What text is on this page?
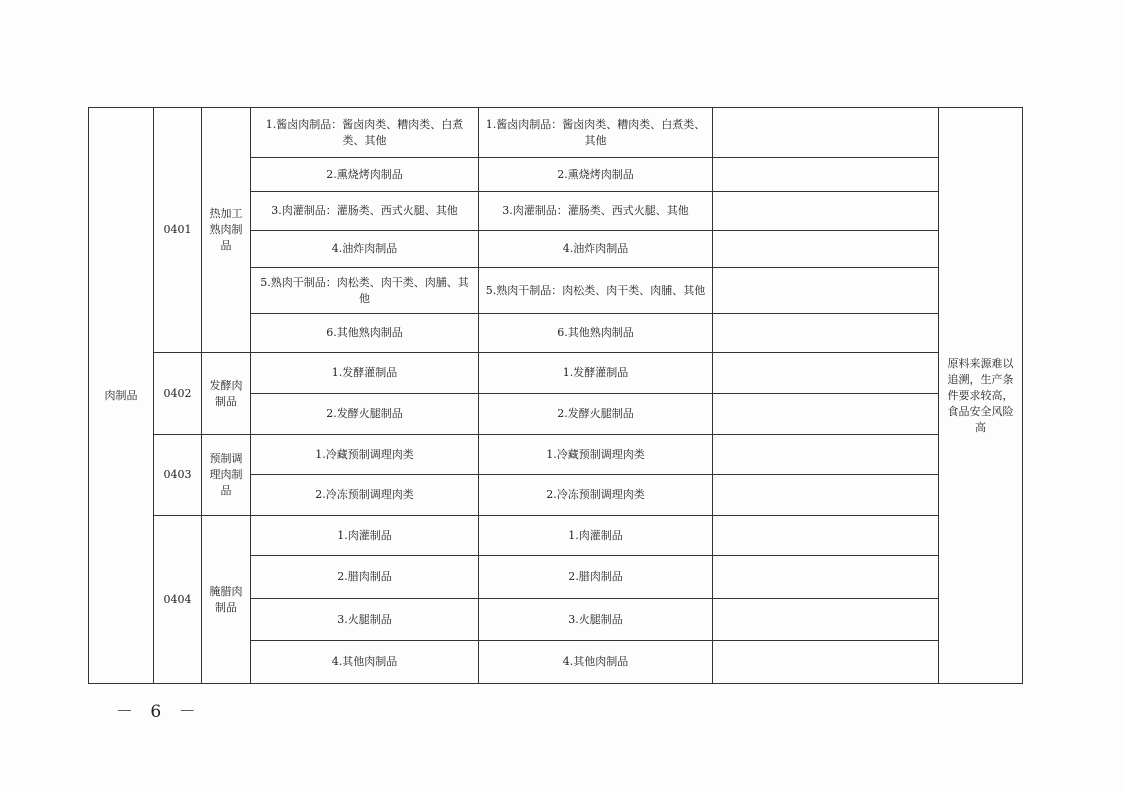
肉制品	0401	热加工熟肉制品	1.酱卤肉制品：酱卤肉类、糟肉类、白煮类、其他	1.酱卤肉制品：酱卤肉类、糟肉类、白煮类、其他		原料来源难以追溯，生产条件要求较高，食品安全风险高
			2.熏烧烤肉制品	2.熏烧烤肉制品		
			3.肉灌制品：灌肠类、西式火腿、其他	3.肉灌制品：灌肠类、西式火腿、其他		
			4.油炸肉制品	4.油炸肉制品		
			5.熟肉干制品：肉松类、肉干类、肉脯、其他	5.熟肉干制品：肉松类、肉干类、肉脯、其他		
			6.其他熟肉制品	6.其他熟肉制品		
	0402	发酵肉制品	1.发酵灌制品	1.发酵灌制品		
			2.发酵火腿制品	2.发酵火腿制品		
	0403	预制调理肉制品	1.冷藏预制调理肉类	1.冷藏预制调理肉类		
			2.冷冻预制调理肉类	2.冷冻预制调理肉类		
	0404	腌腊肉制品	1.肉灌制品	1.肉灌制品		
			2.腊肉制品	2.腊肉制品		
			3.火腿制品	3.火腿制品		
			4.其他肉制品	4.其他肉制品		
－ 6 －
